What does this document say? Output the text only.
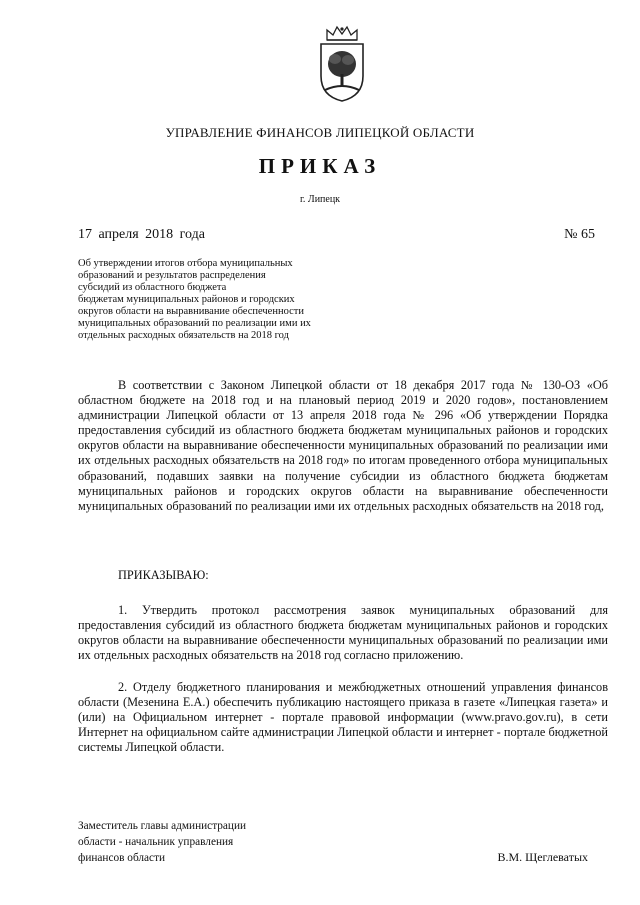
УПРАВЛЕНИЕ ФИНАНСОВ ЛИПЕЦКОЙ ОБЛАСТИ
ПРИКАЗ
г. Липецк
17 апреля 2018 года	№ 65
Об утверждении итогов отбора муниципальных
образований и результатов распределения
субсидий из областного бюджета
бюджетам муниципальных районов и городских
округов области на выравнивание обеспеченности
муниципальных образований по реализации ими их
отдельных расходных обязательств на 2018 год
В соответствии с Законом Липецкой области от 18 декабря 2017 года № 130-ОЗ «Об областном бюджете на 2018 год и на плановый период 2019 и 2020 годов», постановлением администрации Липецкой области от 13 апреля 2018 года № 296 «Об утверждении Порядка предоставления субсидий из областного бюджета бюджетам муниципальных районов и городских округов области на выравнивание обеспеченности муниципальных образований по реализации ими их отдельных расходных обязательств на 2018 год» по итогам проведенного отбора муниципальных образований, подавших заявки на получение субсидии из областного бюджета бюджетам муниципальных районов и городских округов области на выравнивание обеспеченности муниципальных образований по реализации ими их отдельных расходных обязательств на 2018 год,
ПРИКАЗЫВАЮ:
1. Утвердить протокол рассмотрения заявок муниципальных образований для предоставления субсидий из областного бюджета бюджетам муниципальных районов и городских округов области на выравнивание обеспеченности муниципальных образований по реализации ими их отдельных расходных обязательств на 2018 год согласно приложению.
2. Отделу бюджетного планирования и межбюджетных отношений управления финансов области (Мезенина Е.А.) обеспечить публикацию настоящего приказа в газете «Липецкая газета» и (или) на Официальном интернет - портале правовой информации (www.pravo.gov.ru), в сети Интернет на официальном сайте администрации Липецкой области и интернет - портале бюджетной системы Липецкой области.
Заместитель главы администрации
области - начальник управления
финансов области	В.М. Щеглеватых
